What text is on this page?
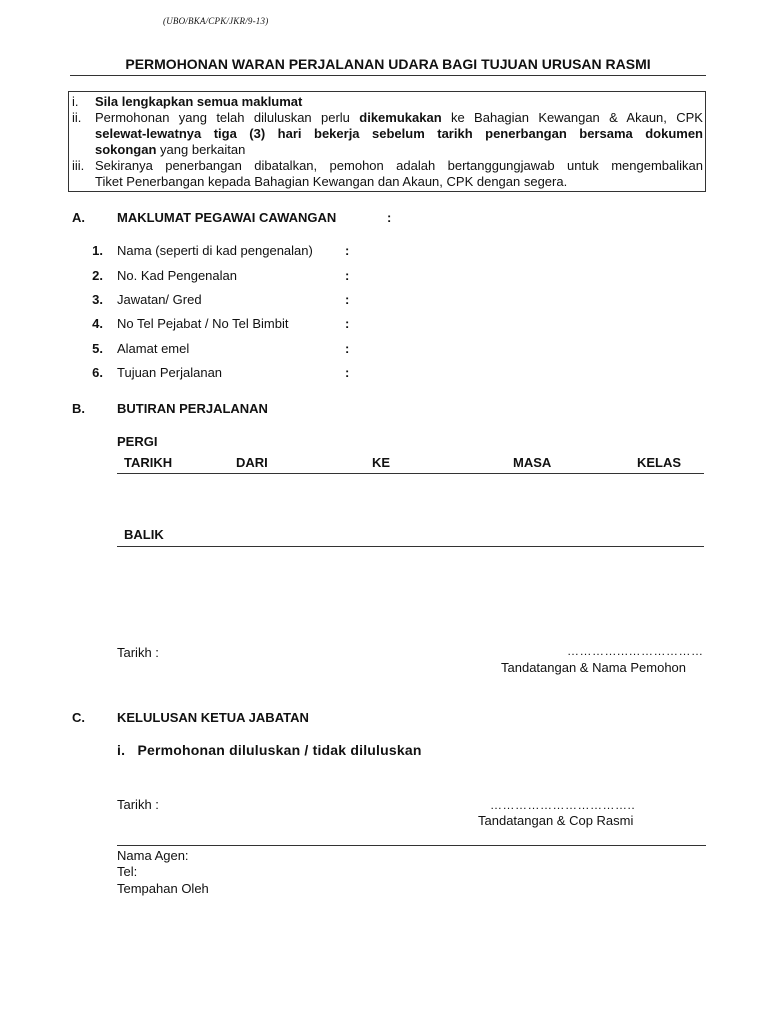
(UBO/BKA/CPK/JKR/9-13)
PERMOHONAN WARAN PERJALANAN UDARA BAGI TUJUAN URUSAN RASMI
i. Sila lengkapkan semua maklumat
ii. Permohonan yang telah diluluskan perlu dikemukakan ke Bahagian Kewangan & Akaun, CPK
selewat-lewatnya tiga (3) hari bekerja sebelum tarikh penerbangan bersama dokumen
sokongan yang berkaitan
iii. Sekiranya penerbangan dibatalkan, pemohon adalah bertanggungjawab untuk mengembalikan
Tiket Penerbangan kepada Bahagian Kewangan dan Akaun, CPK dengan segera.
A. MAKLUMAT PEGAWAI CAWANGAN	:
1. Nama (seperti di kad pengenalan) :
2. No. Kad Pengenalan	:
3. Jawatan/ Gred	:
4. No Tel Pejabat / No Tel Bimbit	:
5. Alamat emel	:
6. Tujuan Perjalanan	:
B. BUTIRAN PERJALANAN
PERGI
TARIKH	DARI	KE	MASA	KELAS
BALIK
Tarikh :	…………...………………
Tandatangan & Nama Pemohon
C. KELULUSAN KETUA JABATAN
i.   Permohonan diluluskan / tidak diluluskan
Tarikh :	……………………………..
Tandatangan & Cop Rasmi
Nama Agen:
Tel:
Tempahan Oleh
